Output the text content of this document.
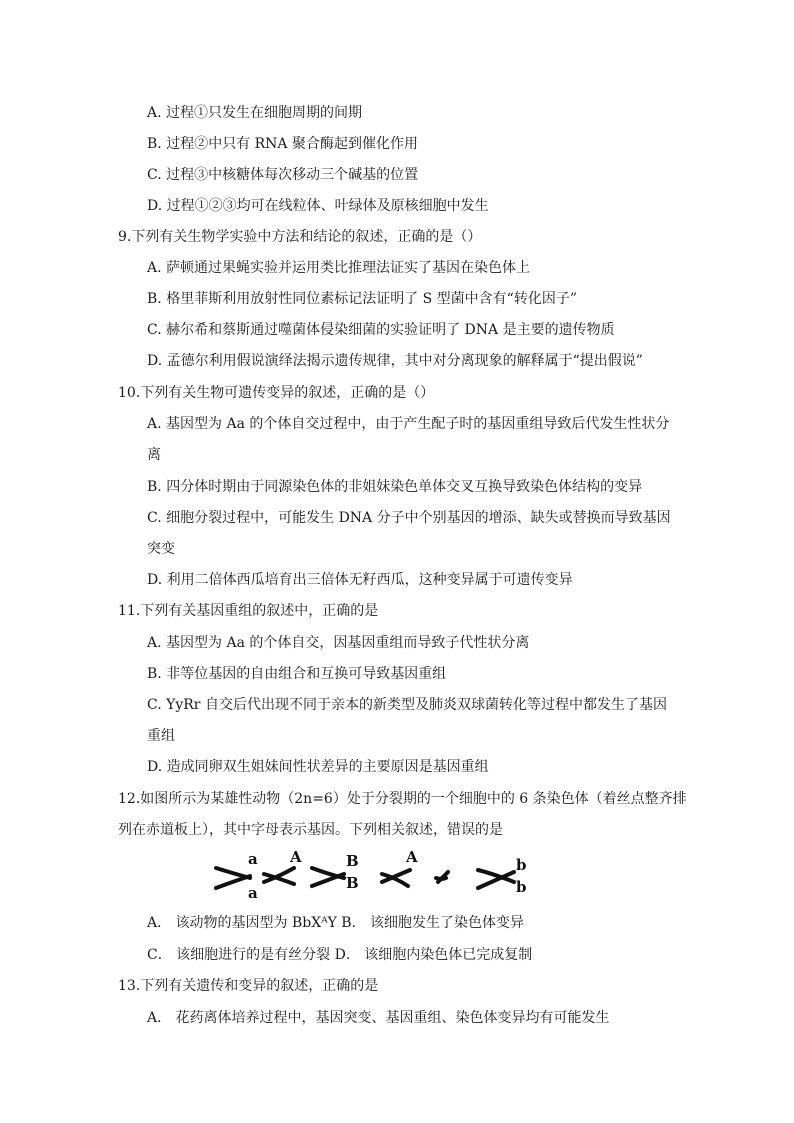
A. 过程①只发生在细胞周期的间期
B. 过程②中只有 RNA 聚合酶起到催化作用
C. 过程③中核糖体每次移动三个碱基的位置
D. 过程①②③均可在线粒体、叶绿体及原核细胞中发生
9.下列有关生物学实验中方法和结论的叙述，正确的是（）
A. 萨顿通过果蝇实验并运用类比推理法证实了基因在染色体上
B. 格里菲斯利用放射性同位素标记法证明了 S 型菌中含有“转化因子”
C. 赫尔希和蔡斯通过噬菌体侵染细菌的实验证明了 DNA 是主要的遗传物质
D. 孟德尔利用假说演绎法揭示遗传规律，其中对分离现象的解释属于“提出假说”
10.下列有关生物可遗传变异的叙述，正确的是（）
A. 基因型为 Aa 的个体自交过程中，由于产生配子时的基因重组导致后代发生性状分
离
B. 四分体时期由于同源染色体的非姐妹染色单体交叉互换导致染色体结构的变异
C. 细胞分裂过程中，可能发生 DNA 分子中个别基因的增添、缺失或替换而导致基因
突变
D. 利用二倍体西瓜培育出三倍体无籽西瓜，这种变异属于可遗传变异
11.下列有关基因重组的叙述中，正确的是
A. 基因型为 Aa 的个体自交，因基因重组而导致子代性状分离
B. 非等位基因的自由组合和互换可导致基因重组
C. YyRr 自交后代出现不同于亲本的新类型及肺炎双球菌转化等过程中都发生了基因
重组
D. 造成同卵双生姐妹间性状差异的主要原因是基因重组
12.如图所示为某雄性动物（2n=6）处于分裂期的一个细胞中的 6 条染色体（着丝点整齐排
列在赤道板上），其中字母表示基因。下列相关叙述，错误的是
a
a
A	B
B
A	b
b
A． 该动物的基因型为 BbXᴬY B． 该细胞发生了染色体变异
C． 该细胞进行的是有丝分裂 D． 该细胞内染色体已完成复制
13.下列有关遗传和变异的叙述，正确的是
A． 花药离体培养过程中，基因突变、基因重组、染色体变异均有可能发生
